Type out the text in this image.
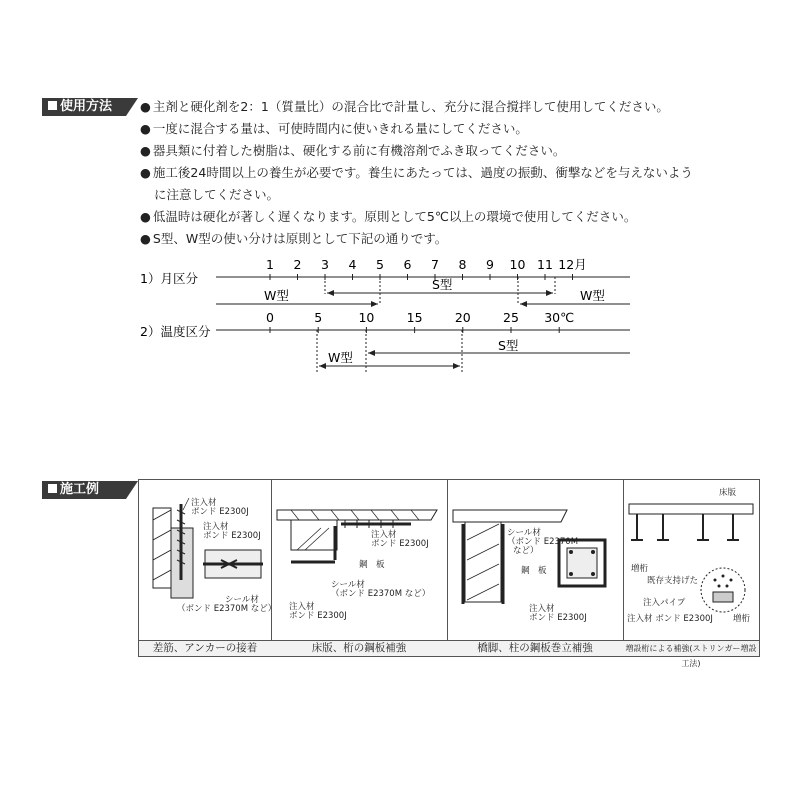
使用方法	● 主剤と硬化剤を2：1（質量比）の混合比で計量し、充分に混合撹拌して使用してください。
● 一度に混合する量は、可使時間内に使いきれる量にしてください。
● 器具類に付着した樹脂は、硬化する前に有機溶剤でふき取ってください。
● 施工後24時間以上の養生が必要です。養生にあたっては、過度の振動、衝撃などを与えないよう
に注意してください。
● 低温時は硬化が著しく遅くなります。原則として5℃以上の環境で使用してください。
● S型、W型の使い分けは原則として下記の通りです。
1）月区分
1 2 3 4 5 6 7 8 9 10 11 12月
S型
W型	W型
2）温度区分
0	5	10	15	20	25 30℃
S型
W型
施工例
注入材
ボンド E2300J
注入材
ボンド E2300J
シール材
（ボンド E2370M など）
差筋、アンカーの接着
注入材
ボンド E2300J
鋼　板
シール材
（ボンド E2370M など）
注入材
ボンド E2300J
床版、桁の鋼板補強
シール材
（ボンド E2370M
など）
鋼　板
注入材
ボンド E2300J
橋脚、柱の鋼板巻立補強
床版
増桁
既存支持げた
注入パイプ
注入材 ボンド E2300J 増桁
増設桁による補強(ストリンガー増設工法)
